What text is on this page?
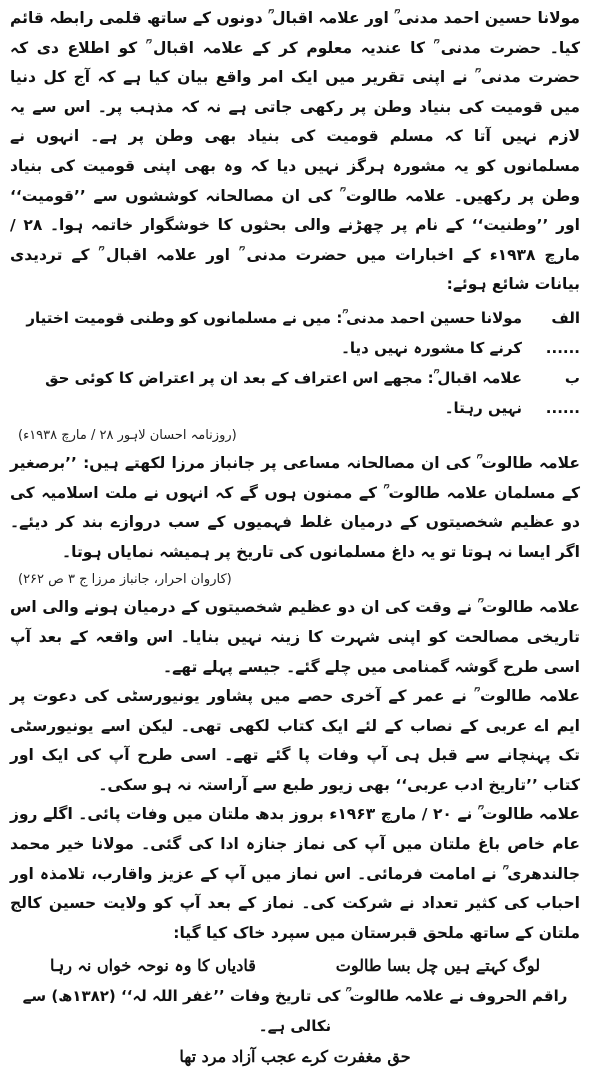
مولانا حسین احمد مدنی ؒ اور علامہ اقبال ؒ دونوں کے ساتھ قلمی رابطہ قائم کیا۔ حضرت مدنی ؒ کا عندیہ معلوم کر کے علامہ اقبال ؒ کو اطلاع دی کہ حضرت مدنی ؒ نے اپنی تقریر میں ایک امر واقع بیان کیا ہے کہ آج کل دنیا میں قومیت کی بنیاد وطن پر رکھی جاتی ہے نہ کہ مذہب پر۔ اس سے یہ لازم نہیں آتا کہ مسلم قومیت کی بنیاد بھی وطن پر ہے۔ انہوں نے مسلمانوں کو یہ مشورہ ہرگز نہیں دیا کہ وہ بھی اپنی قومیت کی بنیاد وطن پر رکھیں۔ علامہ طالوت ؒ کی ان مصالحانہ کوششوں سے ’’قومیت‘‘ اور ’’وطنیت‘‘ کے نام پر چھڑنے والی بحثوں کا خوشگوار خاتمہ ہوا۔ ۲۸ / مارچ ۱۹۳۸ء کے اخبارات میں حضرت مدنی ؒ اور علامہ اقبال ؒ کے تردیدی بیانات شائع ہوئے:

الف ......
مولانا حسین احمد مدنی ؒ: میں نے مسلمانوں کو وطنی قومیت اختیار کرنے کا مشورہ نہیں دیا۔
ب ......
علامہ اقبال ؒ: مجھے اس اعتراف کے بعد ان پر اعتراض کا کوئی حق نہیں رہتا۔
(روزنامہ احسان لاہور ۲۸ / مارچ ۱۹۳۸ء)

علامہ طالوت ؒ کی ان مصالحانہ مساعی پر جانباز مرزا لکھتے ہیں: ’’برصغیر کے مسلمان علامہ طالوت ؒ کے ممنون ہوں گے کہ انہوں نے ملت اسلامیہ کی دو عظیم شخصیتوں کے درمیان غلط فہمیوں کے سب دروازے بند کر دیئے۔ اگر ایسا نہ ہوتا تو یہ داغ مسلمانوں کی تاریخ پر ہمیشہ نمایاں ہوتا۔

(کاروان احرار، جانباز مرزا ج ۳ ص ۲۶۲)

علامہ طالوت ؒ نے وقت کی ان دو عظیم شخصیتوں کے درمیان ہونے والی اس تاریخی مصالحت کو اپنی شہرت کا زینہ نہیں بنایا۔ اس واقعہ کے بعد آپ اسی طرح گوشہ گمنامی میں چلے گئے۔ جیسے پہلے تھے۔

علامہ طالوت ؒ نے عمر کے آخری حصے میں پشاور یونیورسٹی کی دعوت پر ایم اے عربی کے نصاب کے لئے ایک کتاب لکھی تھی۔ لیکن اسے یونیورسٹی تک پہنچانے سے قبل ہی آپ وفات پا گئے تھے۔ اسی طرح آپ کی ایک اور کتاب ’’تاریخ ادب عربی‘‘ بھی زیور طبع سے آراستہ نہ ہو سکی۔

علامہ طالوت ؒ نے ۲۰ / مارچ ۱۹۶۳ء بروز بدھ ملتان میں وفات پائی۔ اگلے روز عام خاص باغ ملتان میں آپ کی نماز جنازہ ادا کی گئی۔ مولانا خیر محمد جالندھری ؒ نے امامت فرمائی۔ اس نماز میں آپ کے عزیز واقارب، تلامذہ اور احباب کی کثیر تعداد نے شرکت کی۔ نماز کے بعد آپ کو ولایت حسین کالج ملتان کے ساتھ ملحق قبرستان میں سپرد خاک کیا گیا:

لوگ کہتے ہیں چل بسا طالوت
قادیاں کا وہ نوحہ خواں نہ رہا
راقم الحروف نے علامہ طالوت ؒ کی تاریخ وفات ’’غفر اللہ لہ‘‘ (۱۳۸۲ھ) سے نکالی ہے۔
حق مغفرت کرے عجب آزاد مرد تھا
